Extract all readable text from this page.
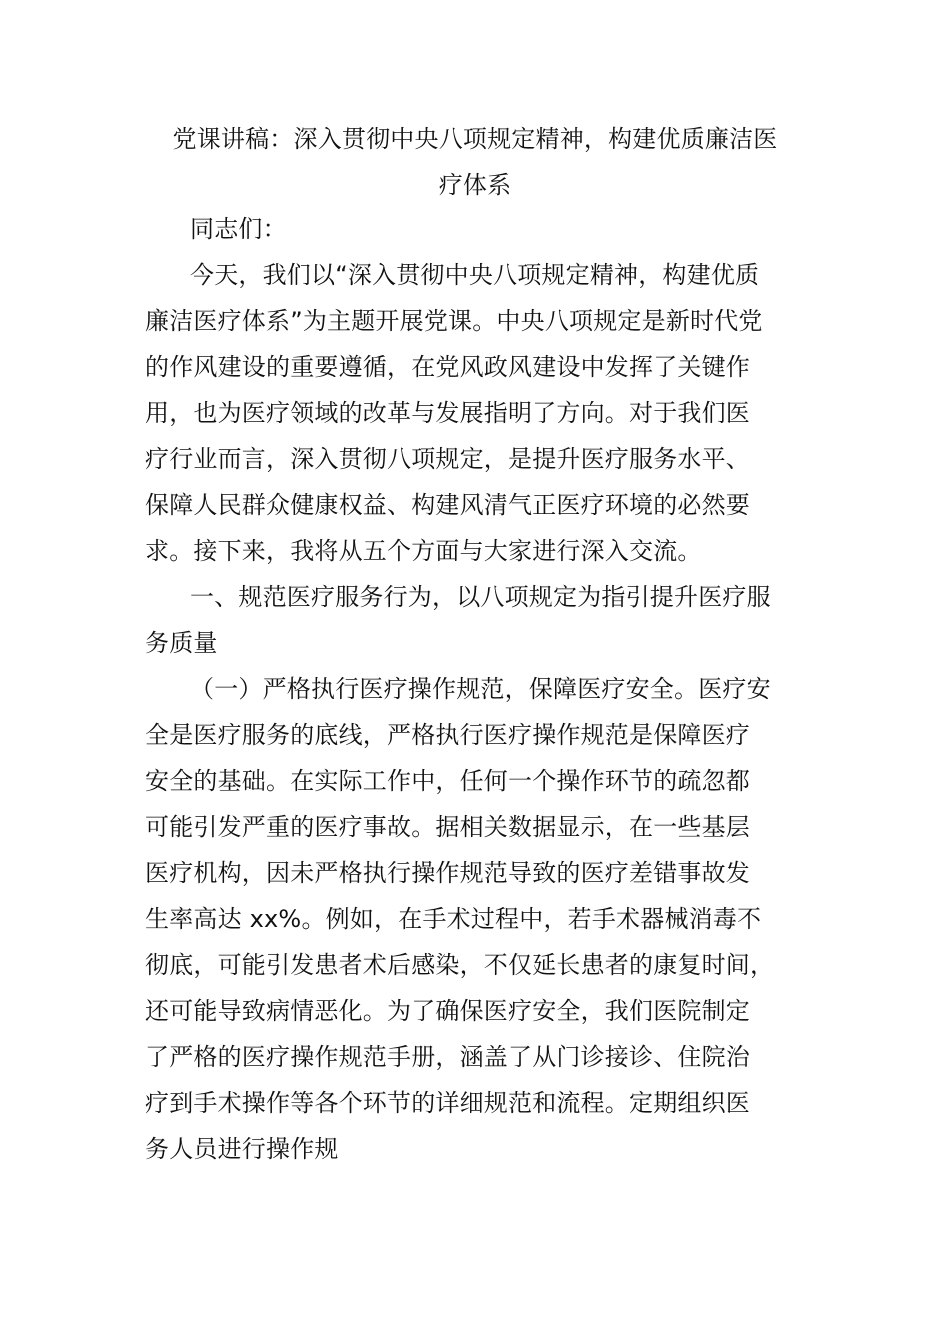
党课讲稿：深入贯彻中央八项规定精神，构建优质廉洁医
疗体系
同志们：
今天，我们以“深入贯彻中央八项规定精神，构建优质
廉洁医疗体系”为主题开展党课。中央八项规定是新时代党
的作风建设的重要遵循，在党风政风建设中发挥了关键作
用，也为医疗领域的改革与发展指明了方向。对于我们医
疗行业而言，深入贯彻八项规定，是提升医疗服务水平、
保障人民群众健康权益、构建风清气正医疗环境的必然要
求。接下来，我将从五个方面与大家进行深入交流。
一、规范医疗服务行为，以八项规定为指引提升医疗服
务质量
（一）严格执行医疗操作规范，保障医疗安全。医疗安
全是医疗服务的底线，严格执行医疗操作规范是保障医疗
安全的基础。在实际工作中，任何一个操作环节的疏忽都
可能引发严重的医疗事故。据相关数据显示，在一些基层
医疗机构，因未严格执行操作规范导致的医疗差错事故发
生率高达 xx%。例如，在手术过程中，若手术器械消毒不
彻底，可能引发患者术后感染，不仅延长患者的康复时间，
还可能导致病情恶化。为了确保医疗安全，我们医院制定
了严格的医疗操作规范手册，涵盖了从门诊接诊、住院治
疗到手术操作等各个环节的详细规范和流程。定期组织医
务人员进行操作规
